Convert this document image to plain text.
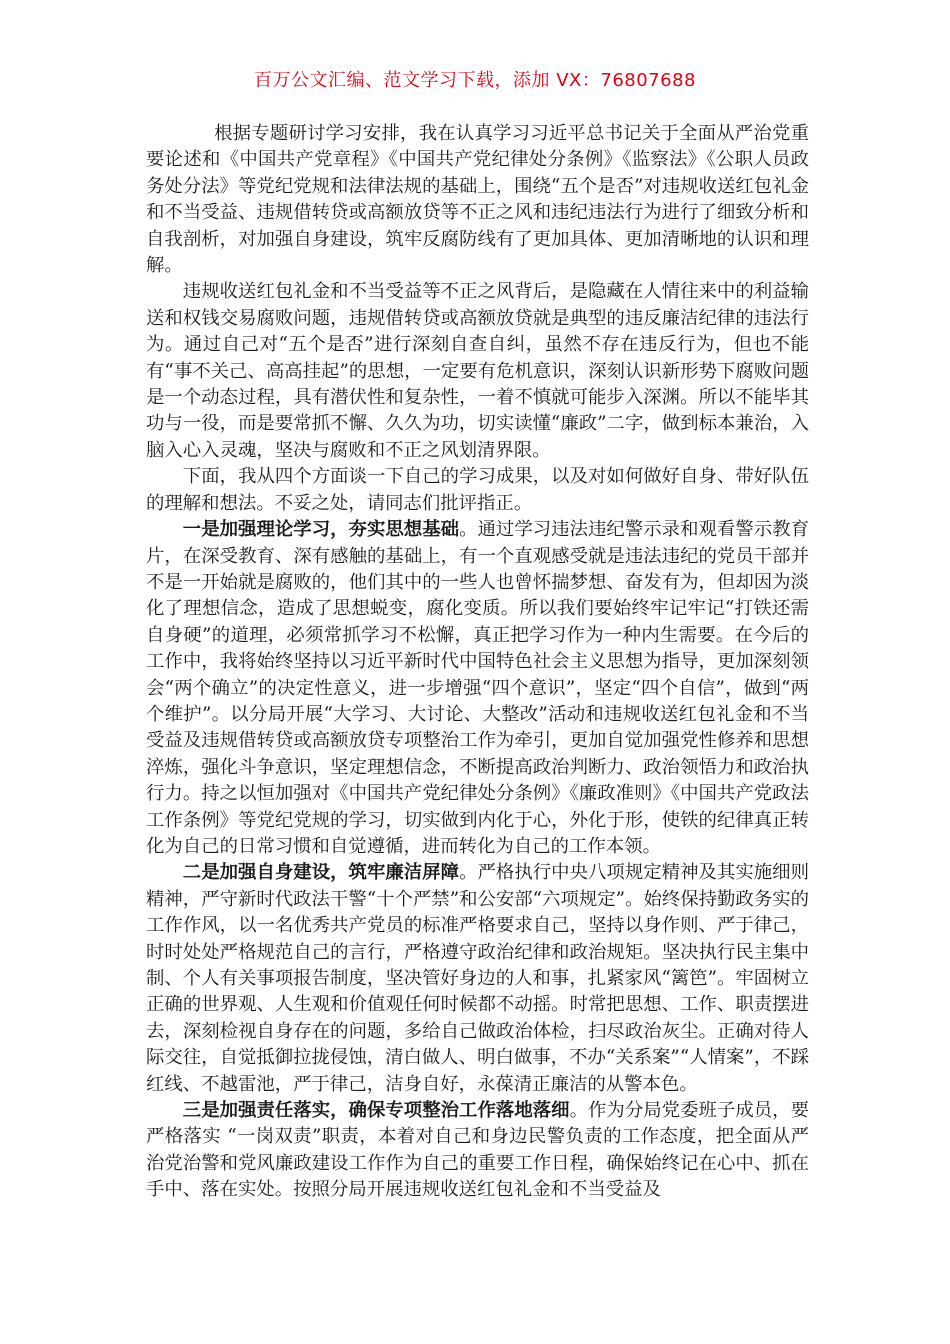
百万公文汇编、范文学习下载，添加 VX：76807688

根据专题研讨学习安排，我在认真学习习近平总书记关于全面从严治党重要论述和《中国共产党章程》《中国共产党纪律处分条例》《监察法》《公职人员政务处分法》等党纪党规和法律法规的基础上，围绕“五个是否”对违规收送红包礼金和不当受益、违规借转贷或高额放贷等不正之风和违纪违法行为进行了细致分析和自我剖析，对加强自身建设，筑牢反腐防线有了更加具体、更加清晰地的认识和理解。

违规收送红包礼金和不当受益等不正之风背后，是隐藏在人情往来中的利益输送和权钱交易腐败问题，违规借转贷或高额放贷就是典型的违反廉洁纪律的违法行为。通过自己对“五个是否”进行深刻自查自纠，虽然不存在违反行为，但也不能有“事不关己、高高挂起”的思想，一定要有危机意识，深刻认识新形势下腐败问题是一个动态过程，具有潜伏性和复杂性，一着不慎就可能步入深渊。所以不能毕其功与一役，而是要常抓不懈、久久为功，切实读懂“廉政”二字，做到标本兼治，入脑入心入灵魂，坚决与腐败和不正之风划清界限。

下面，我从四个方面谈一下自己的学习成果，以及对如何做好自身、带好队伍的理解和想法。不妥之处，请同志们批评指正。

一是加强理论学习，夯实思想基础。通过学习违法违纪警示录和观看警示教育片，在深受教育、深有感触的基础上，有一个直观感受就是违法违纪的党员干部并不是一开始就是腐败的，他们其中的一些人也曾怀揣梦想、奋发有为，但却因为淡化了理想信念，造成了思想蜕变，腐化变质。所以我们要始终牢记牢记“打铁还需自身硬”的道理，必须常抓学习不松懈，真正把学习作为一种内生需要。在今后的工作中，我将始终坚持以习近平新时代中国特色社会主义思想为指导，更加深刻领会“两个确立”的决定性意义，进一步增强“四个意识”，坚定“四个自信”，做到“两个维护”。以分局开展“大学习、大讨论、大整改”活动和违规收送红包礼金和不当受益及违规借转贷或高额放贷专项整治工作为牵引，更加自觉加强党性修养和思想淬炼，强化斗争意识，坚定理想信念，不断提高政治判断力、政治领悟力和政治执行力。持之以恒加强对《中国共产党纪律处分条例》《廉政准则》《中国共产党政法工作条例》等党纪党规的学习，切实做到内化于心，外化于形，使铁的纪律真正转化为自己的日常习惯和自觉遵循，进而转化为自己的工作本领。

二是加强自身建设，筑牢廉洁屏障。严格执行中央八项规定精神及其实施细则精神，严守新时代政法干警“十个严禁”和公安部“六项规定”。始终保持勤政务实的工作作风，以一名优秀共产党员的标准严格要求自己，坚持以身作则、严于律己，时时处处严格规范自己的言行，严格遵守政治纪律和政治规矩。坚决执行民主集中制、个人有关事项报告制度，坚决管好身边的人和事，扎紧家风“篱笆”。牢固树立正确的世界观、人生观和价值观任何时候都不动摇。时常把思想、工作、职责摆进去，深刻检视自身存在的问题，多给自己做政治体检，扫尽政治灰尘。正确对待人际交往，自觉抵御拉拢侵蚀，清白做人、明白做事，不办“关系案”“人情案”，不踩红线、不越雷池，严于律己，洁身自好，永葆清正廉洁的从警本色。

三是加强责任落实，确保专项整治工作落地落细。作为分局党委班子成员，要严格落实 “一岗双责”职责，本着对自己和身边民警负责的工作态度，把全面从严治党治警和党风廉政建设工作作为自己的重要工作日程，确保始终记在心中、抓在手中、落在实处。按照分局开展违规收送红包礼金和不当受益及
